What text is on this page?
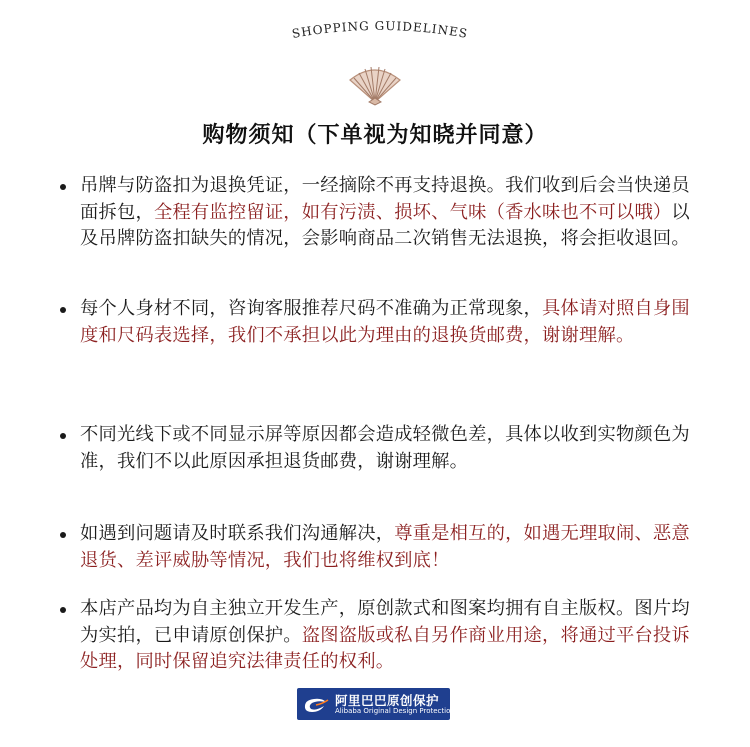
SHOPPING GUIDELINES
购物须知（下单视为知晓并同意）
吊牌与防盗扣为退换凭证，一经摘除不再支持退换。我们收到后会当快递员面拆包，全程有监控留证，如有污渍、损坏、气味（香水味也不可以哦）以及吊牌防盗扣缺失的情况，会影响商品二次销售无法退换，将会拒收退回。
每个人身材不同，咨询客服推荐尺码不准确为正常现象，具体请对照自身围度和尺码表选择，我们不承担以此为理由的退换货邮费，谢谢理解。
不同光线下或不同显示屏等原因都会造成轻微色差，具体以收到实物颜色为准，我们不以此原因承担退货邮费，谢谢理解。
如遇到问题请及时联系我们沟通解决，尊重是相互的，如遇无理取闹、恶意退货、差评威胁等情况，我们也将维权到底！
本店产品均为自主独立开发生产，原创款式和图案均拥有自主版权。图片均为实拍，已申请原创保护。盗图盗版或私自另作商业用途，将通过平台投诉处理，同时保留追究法律责任的权利。
阿里巴巴原创保护
Alibaba Original Design Protection
